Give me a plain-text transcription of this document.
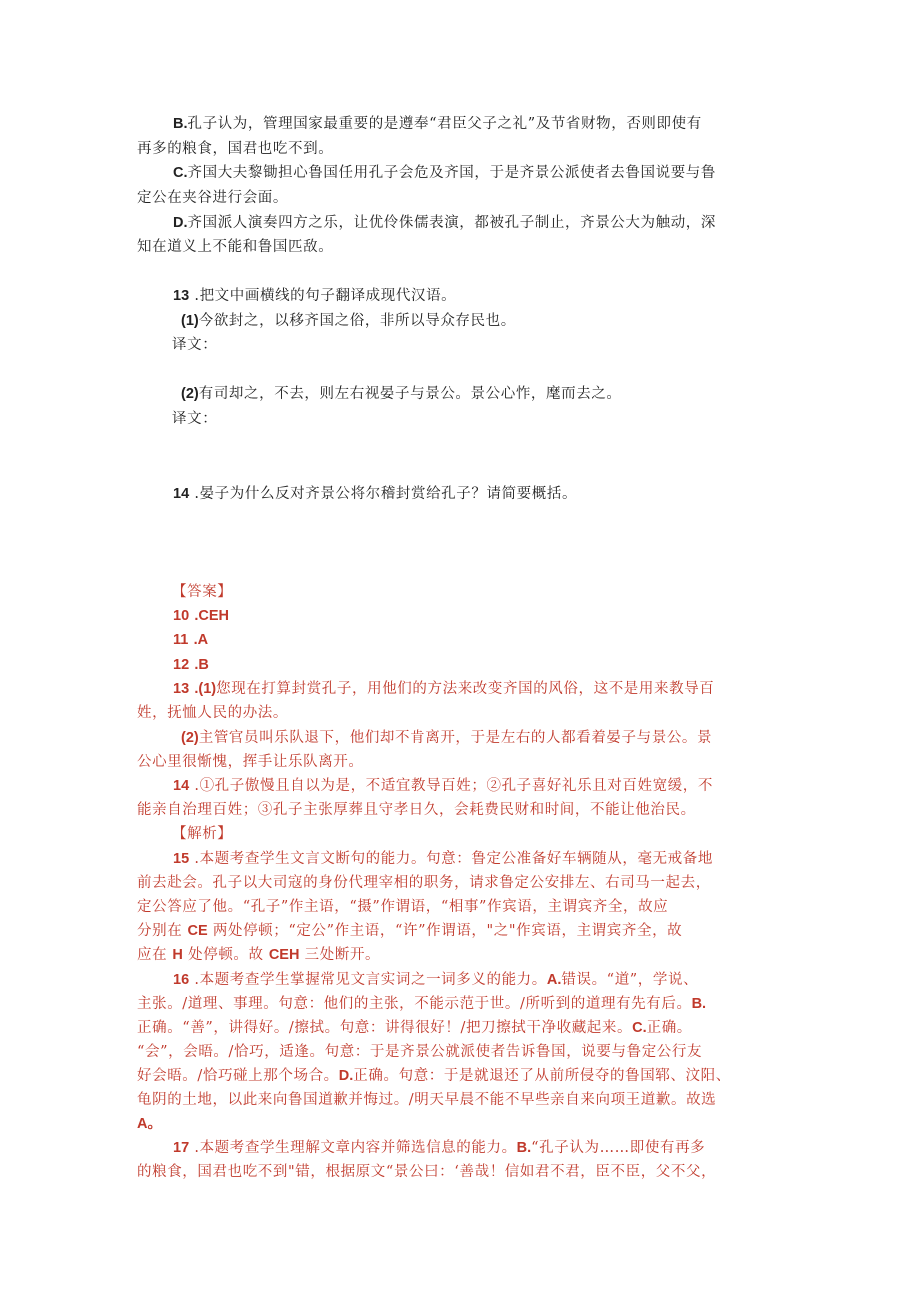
B.孔子认为，管理国家最重要的是遵奉“君臣父子之礼”及节省财物，否则即使有
再多的粮食，国君也吃不到。
C.齐国大夫黎锄担心鲁国任用孔子会危及齐国，于是齐景公派使者去鲁国说要与鲁
定公在夹谷进行会面。
D.齐国派人演奏四方之乐，让优伶侏儒表演，都被孔子制止，齐景公大为触动，深
知在道义上不能和鲁国匹敌。
13 .把文中画横线的句子翻译成现代汉语。
(1)今欲封之，以移齐国之俗，非所以导众存民也。
译文：
(2)有司却之，不去，则左右视晏子与景公。景公心怍，麾而去之。
译文：
14 .晏子为什么反对齐景公将尔稽封赏给孔子？请简要概括。
【答案】
10 .CEH
11 .A
12 .B
13 .(1)您现在打算封赏孔子，用他们的方法来改变齐国的风俗，这不是用来教导百
姓，抚恤人民的办法。
(2)主管官员叫乐队退下，他们却不肯离开，于是左右的人都看着晏子与景公。景
公心里很惭愧，挥手让乐队离开。
14 .①孔子傲慢且自以为是，不适宜教导百姓；②孔子喜好礼乐且对百姓宽缓，不
能亲自治理百姓；③孔子主张厚葬且守孝日久，会耗费民财和时间，不能让他治民。
【解析】
15 .本题考查学生文言文断句的能力。句意：鲁定公准备好车辆随从，毫无戒备地
前去赴会。孔子以大司寇的身份代理宰相的职务，请求鲁定公安排左、右司马一起去，
定公答应了他。“孔子”作主语，“摄”作谓语，“相事”作宾语，主谓宾齐全，故应
分别在 CE 两处停顿；“定公”作主语，“许”作谓语，"之"作宾语，主谓宾齐全，故
应在 H 处停顿。故 CEH 三处断开。
16 .本题考查学生掌握常见文言实词之一词多义的能力。A.错误。“道”，学说、
主张。/道理、事理。句意：他们的主张，不能示范于世。/所听到的道理有先有后。B.
正确。“善”，讲得好。/擦拭。句意：讲得很好！/把刀擦拭干净收藏起来。C.正确。
“会”，会晤。/恰巧，适逢。句意：于是齐景公就派使者告诉鲁国，说要与鲁定公行友
好会晤。/恰巧碰上那个场合。D.正确。句意：于是就退还了从前所侵夺的鲁国郓、汶阳、
龟阴的土地，以此来向鲁国道歉并悔过。/明天早晨不能不早些亲自来向项王道歉。故选
A。
17 .本题考查学生理解文章内容并筛选信息的能力。B.“孔子认为……即使有再多
的粮食，国君也吃不到"错，根据原文“景公曰：‘善哉！信如君不君，臣不臣，父不父，
